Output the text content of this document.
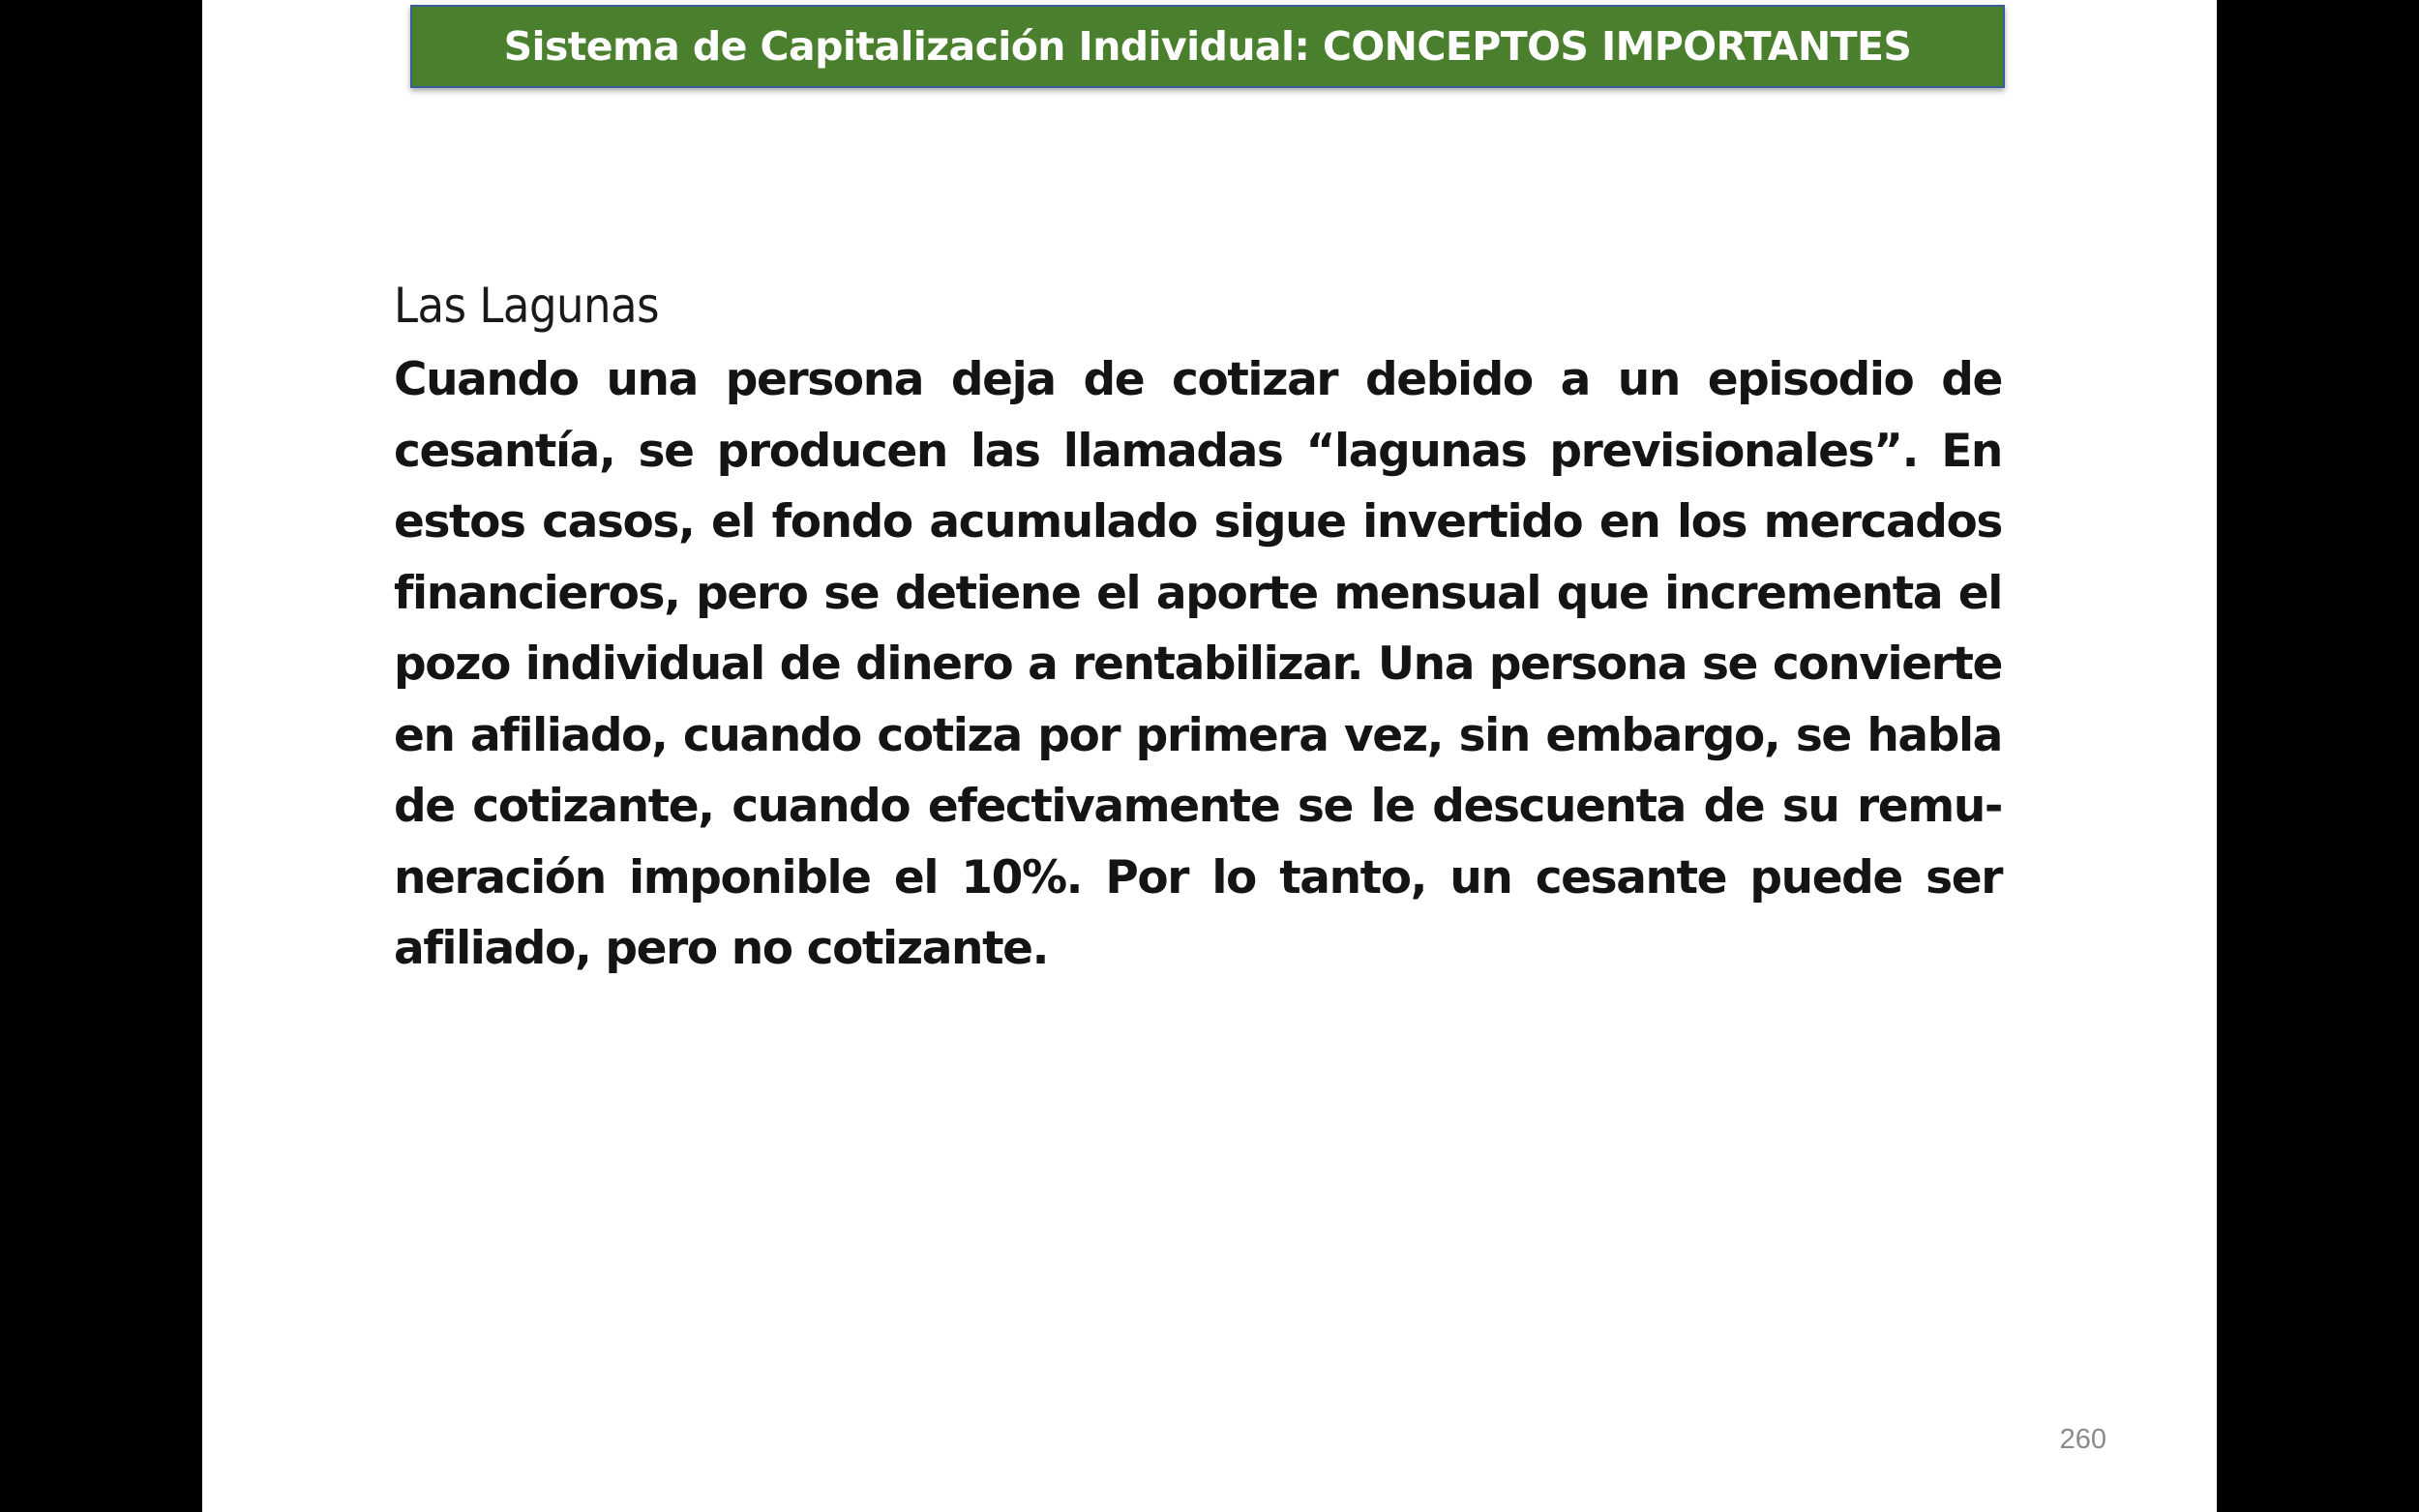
Sistema de Capitalización Individual: CONCEPTOS IMPORTANTES
Las Lagunas

Cuando una persona deja de cotizar debido a un episodio de cesantía, se producen las llamadas “lagunas previsionales”. En estos casos, el fondo acumulado sigue invertido en los mercados financieros, pero se detiene el aporte mensual que incrementa el pozo individual de dinero a rentabilizar. Una persona se convierte en afiliado, cuando cotiza por primera vez, sin embargo, se habla de cotizante, cuando efectivamente se le descuenta de su remu-neración imponible el 10%. Por lo tanto, un cesante puede ser afiliado, pero no cotizante.

260
